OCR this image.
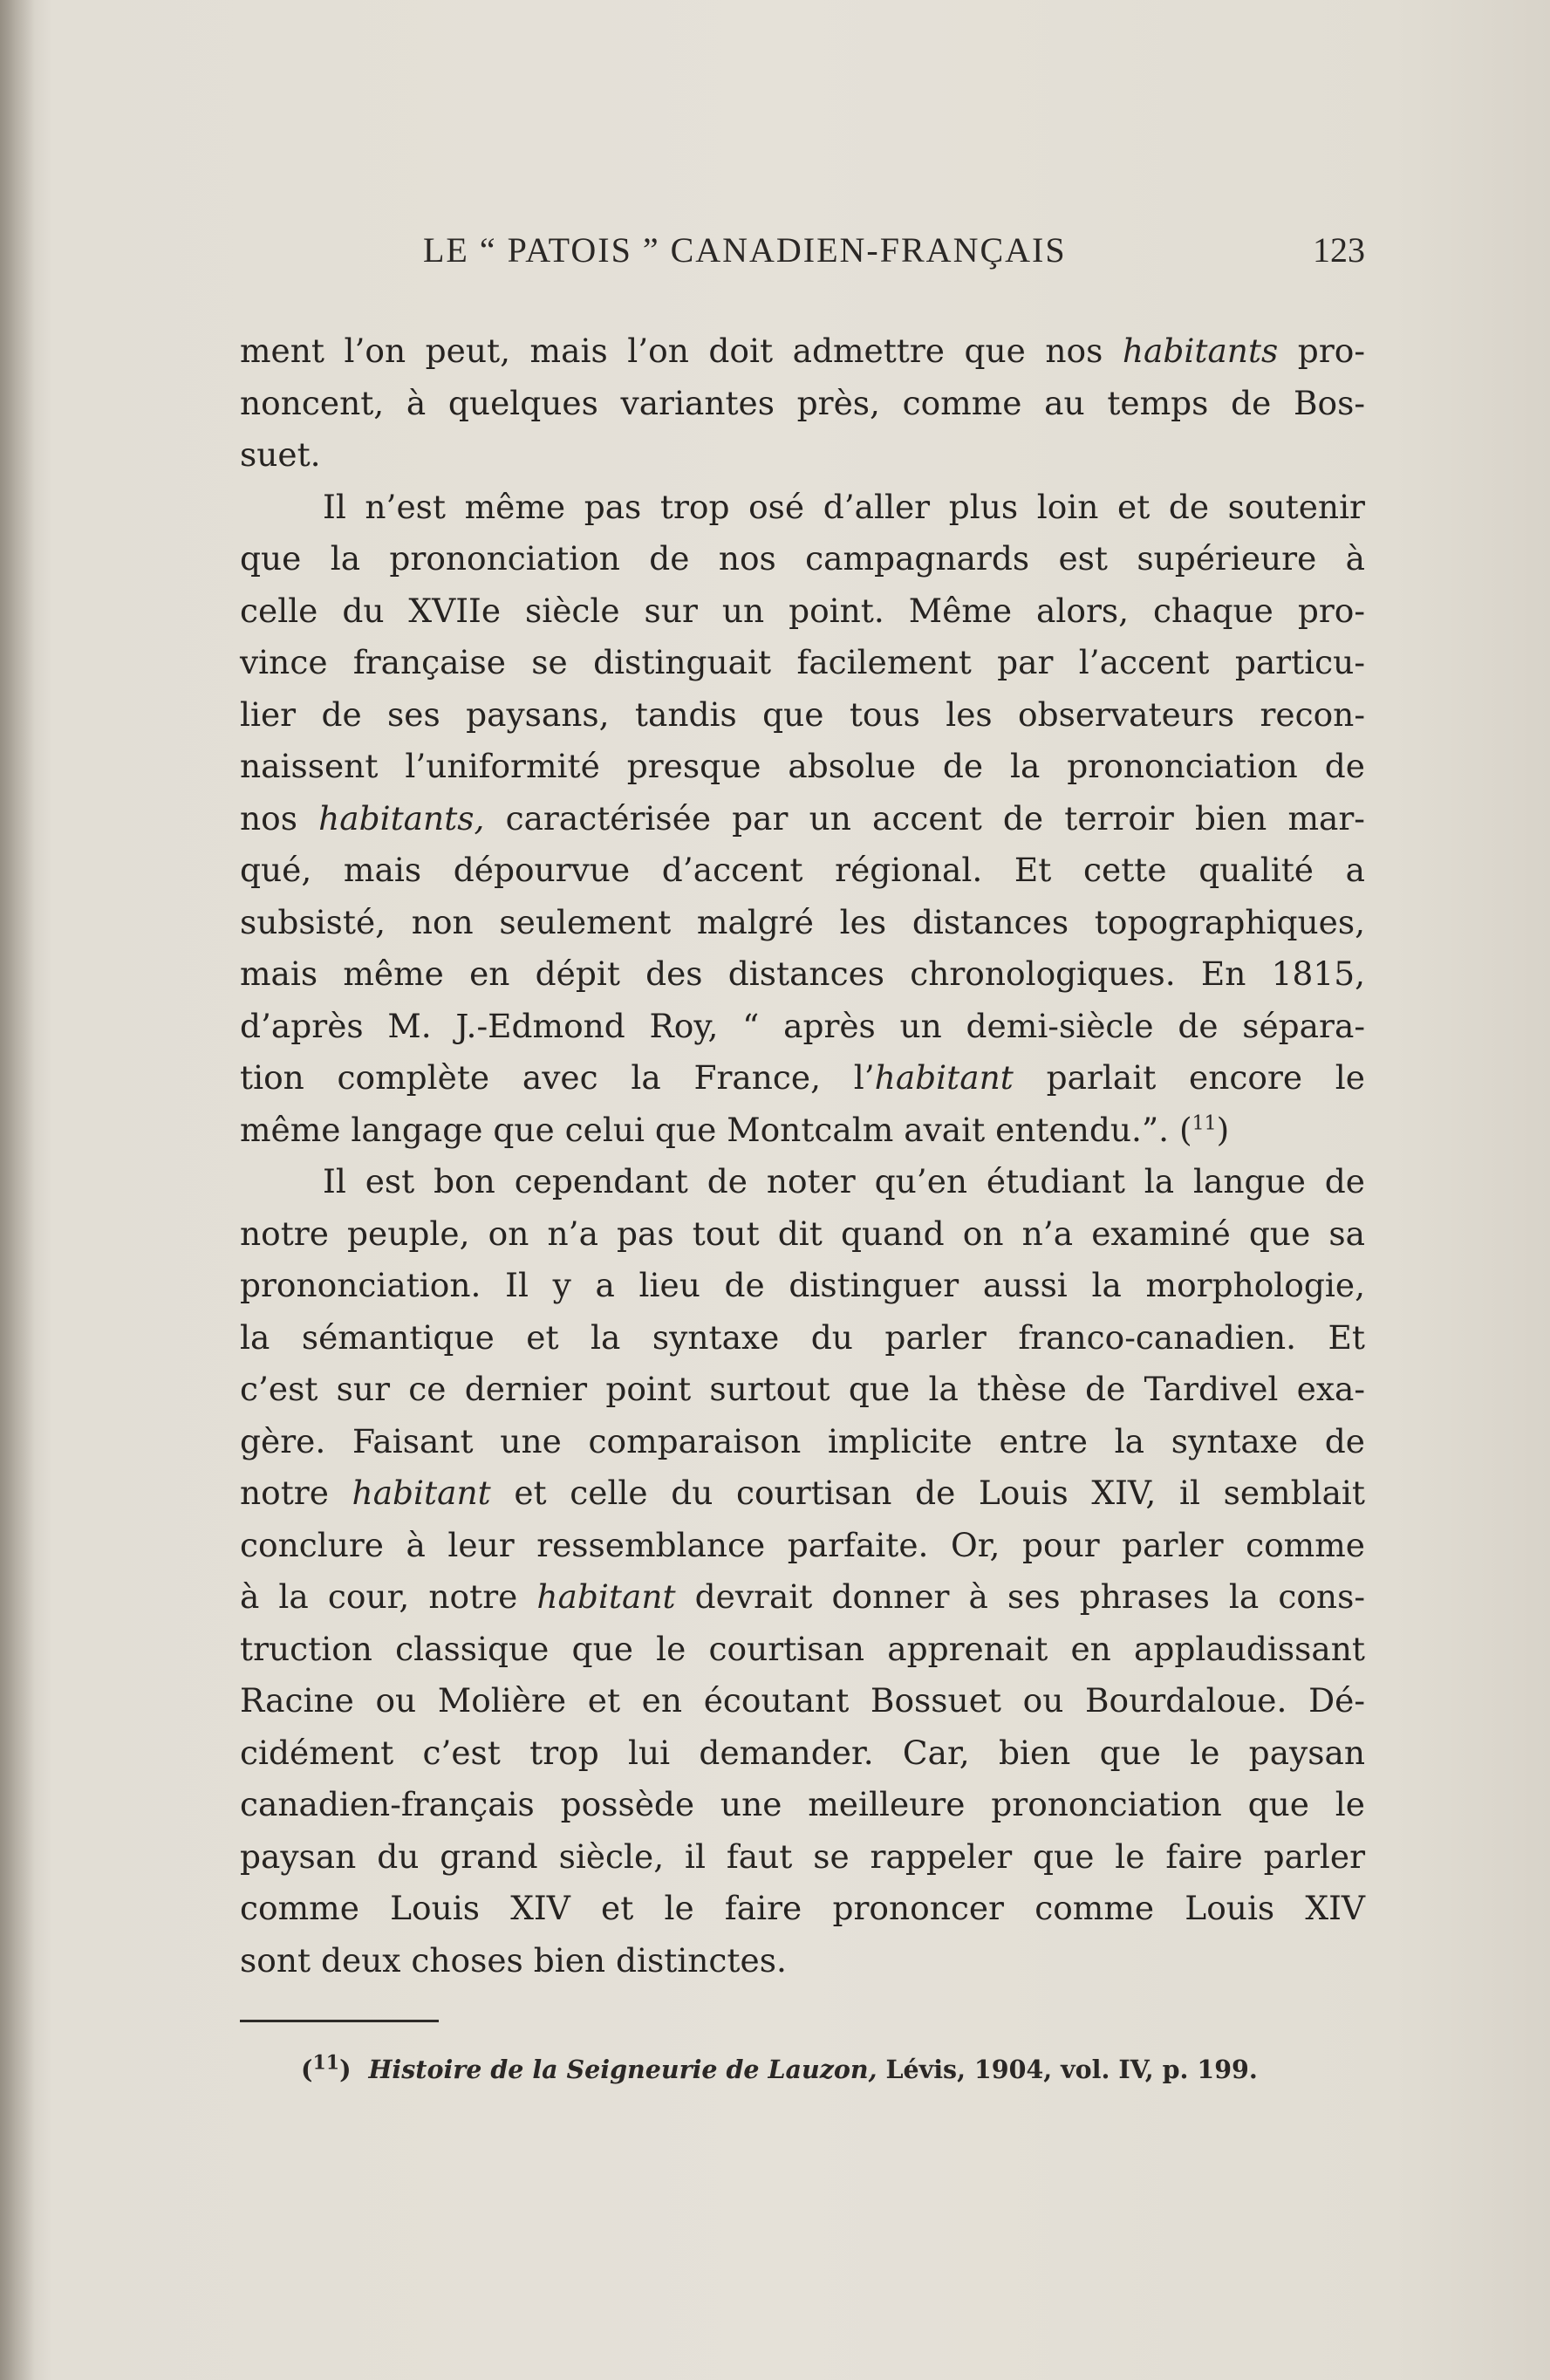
LE “ PATOIS ” CANADIEN-FRANÇAIS	123
ment l’on peut, mais l’on doit admettre que nos habitants pro-
noncent, à quelques variantes près, comme au temps de Bos-
suet.
Il n’est même pas trop osé d’aller plus loin et de soutenir
que la prononciation de nos campagnards est supérieure à
celle du XVIIe siècle sur un point. Même alors, chaque pro-
vince française se distinguait facilement par l’accent particu-
lier de ses paysans, tandis que tous les observateurs recon-
naissent l’uniformité presque absolue de la prononciation de
nos habitants, caractérisée par un accent de terroir bien mar-
qué, mais dépourvue d’accent régional. Et cette qualité a
subsisté, non seulement malgré les distances topographiques,
mais même en dépit des distances chronologiques. En 1815,
d’après M. J.-Edmond Roy, “ après un demi-siècle de sépara-
tion complète avec la France, l’habitant parlait encore le
même langage que celui que Montcalm avait entendu.”. ($^{11}$)
Il est bon cependant de noter qu’en étudiant la langue de
notre peuple, on n’a pas tout dit quand on n’a examiné que sa
prononciation. Il y a lieu de distinguer aussi la morphologie,
la sémantique et la syntaxe du parler franco-canadien. Et
c’est sur ce dernier point surtout que la thèse de Tardivel exa-
gère. Faisant une comparaison implicite entre la syntaxe de
notre habitant et celle du courtisan de Louis XIV, il semblait
conclure à leur ressemblance parfaite. Or, pour parler comme
à la cour, notre habitant devrait donner à ses phrases la cons-
truction classique que le courtisan apprenait en applaudissant
Racine ou Molière et en écoutant Bossuet ou Bourdaloue. Dé-
cidément c’est trop lui demander. Car, bien que le paysan
canadien-français possède une meilleure prononciation que le
paysan du grand siècle, il faut se rappeler que le faire parler
comme Louis XIV et le faire prononcer comme Louis XIV
sont deux choses bien distinctes.
($^{11}$) Histoire de la Seigneurie de Lauzon, Lévis, 1904, vol. IV, p. 199.
